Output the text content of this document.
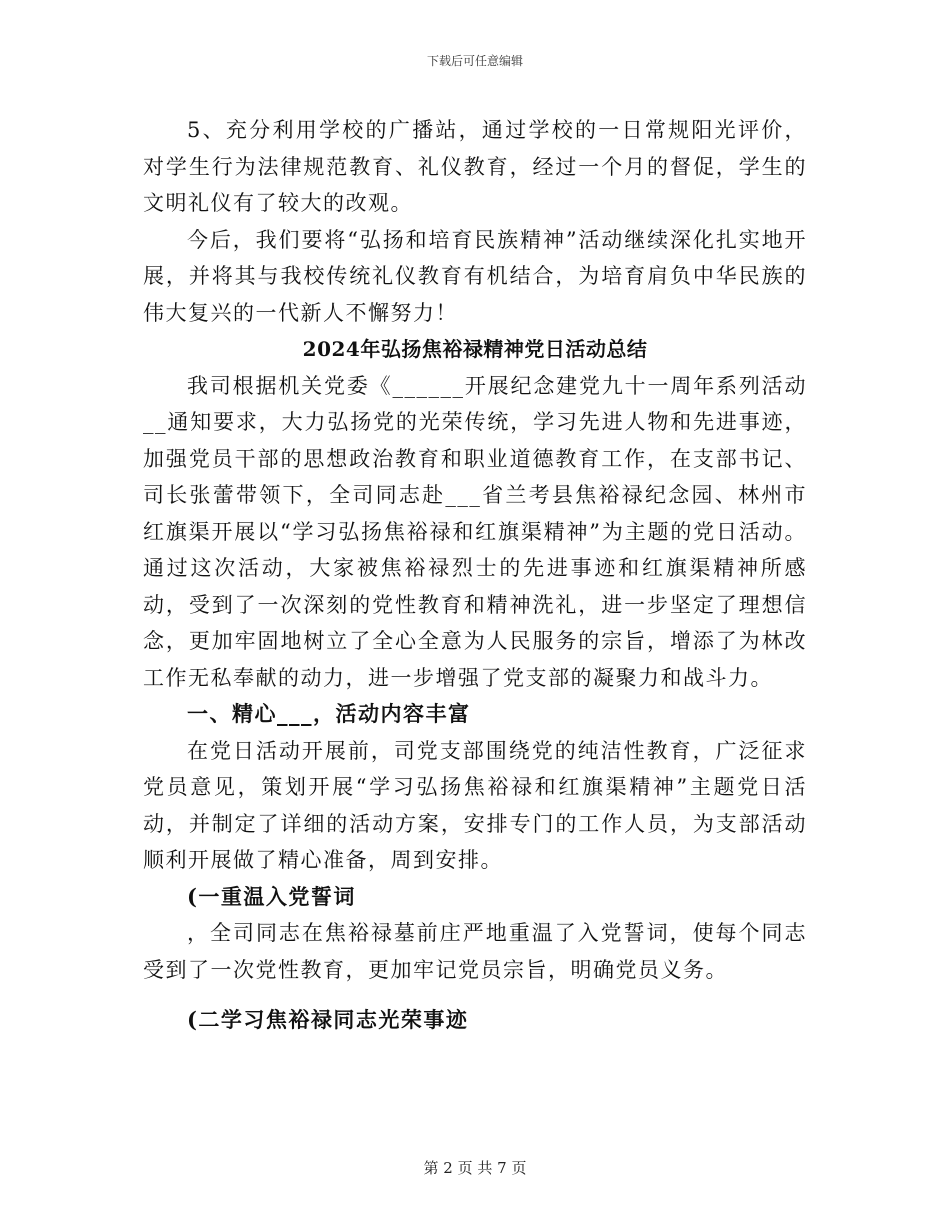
下载后可任意编辑

5、充分利用学校的广播站，通过学校的一日常规阳光评价，对学生行为法律规范教育、礼仪教育，经过一个月的督促，学生的文明礼仪有了较大的改观。

今后，我们要将“弘扬和培育民族精神”活动继续深化扎实地开展，并将其与我校传统礼仪教育有机结合，为培育肩负中华民族的伟大复兴的一代新人不懈努力！

2024年弘扬焦裕禄精神党日活动总结

我司根据机关党委《______开展纪念建党九十一周年系列活动__通知要求，大力弘扬党的光荣传统，学习先进人物和先进事迹，加强党员干部的思想政治教育和职业道德教育工作，在支部书记、司长张蕾带领下，全司同志赴___省兰考县焦裕禄纪念园、林州市红旗渠开展以“学习弘扬焦裕禄和红旗渠精神”为主题的党日活动。通过这次活动，大家被焦裕禄烈士的先进事迹和红旗渠精神所感动，受到了一次深刻的党性教育和精神洗礼，进一步坚定了理想信念，更加牢固地树立了全心全意为人民服务的宗旨，增添了为林改工作无私奉献的动力，进一步增强了党支部的凝聚力和战斗力。

一、精心___，活动内容丰富

在党日活动开展前，司党支部围绕党的纯洁性教育，广泛征求党员意见，策划开展“学习弘扬焦裕禄和红旗渠精神”主题党日活动，并制定了详细的活动方案，安排专门的工作人员，为支部活动顺利开展做了精心准备，周到安排。

(一重温入党誓词

，全司同志在焦裕禄墓前庄严地重温了入党誓词，使每个同志受到了一次党性教育，更加牢记党员宗旨，明确党员义务。

(二学习焦裕禄同志光荣事迹

第 2 页 共 7 页
